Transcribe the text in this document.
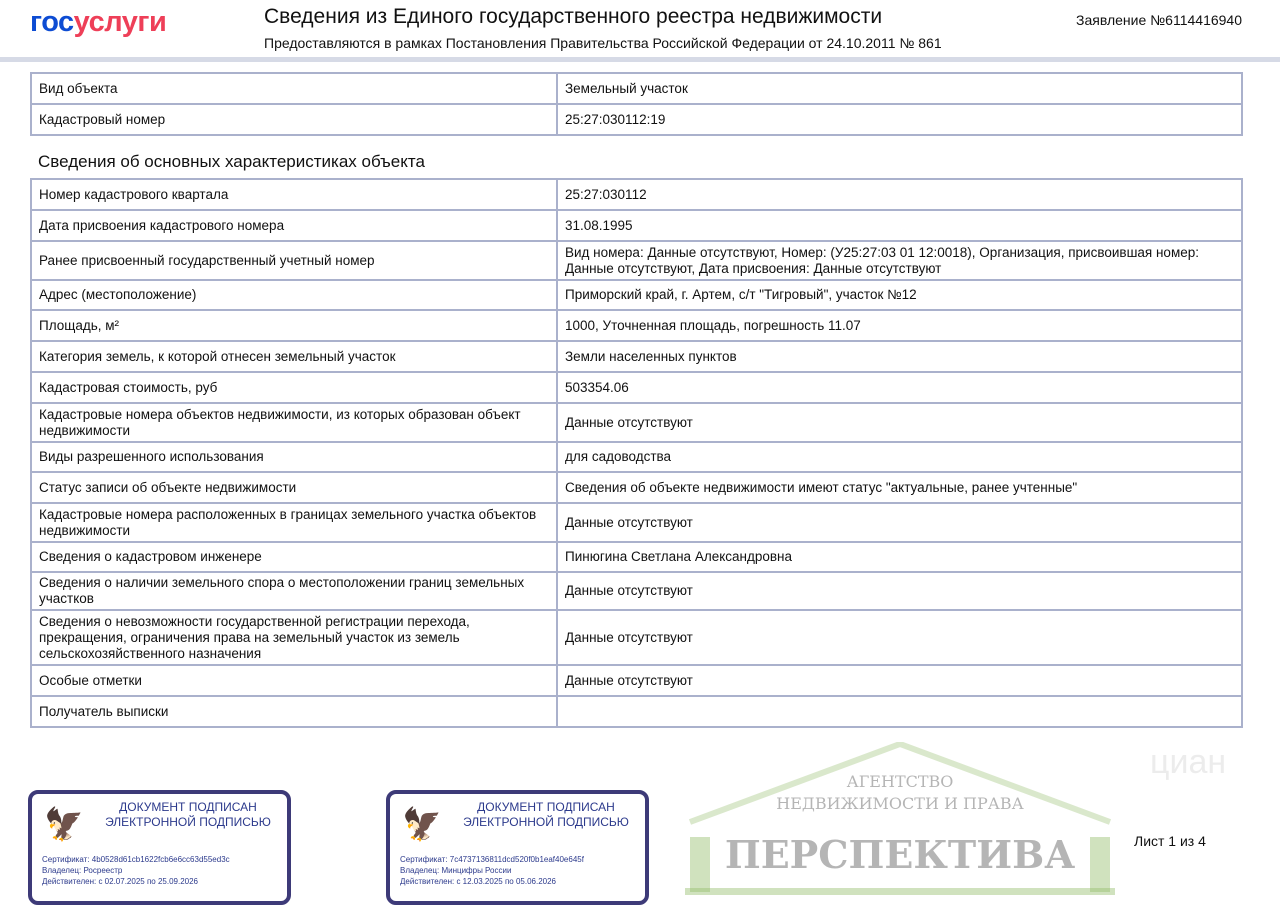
госуслуги	Сведения из Единого государственного реестра недвижимости
Предоставляются в рамках Постановления Правительства Российской Федерации от 24.10.2011 № 861
Заявление №6114416940
Вид объекта	Земельный участок
Кадастровый номер	25:27:030112:19
Сведения об основных характеристиках объекта
Номер кадастрового квартала	25:27:030112
Дата присвоения кадастрового номера	31.08.1995
Ранее присвоенный государственный учетный номер	Вид номера: Данные отсутствуют, Номер: (У25:27:03 01 12:0018), Организация, присвоившая номер: Данные отсутствуют, Дата присвоения: Данные отсутствуют
Адрес (местоположение)	Приморский край, г. Артем, с/т "Тигровый", участок №12
Площадь, м²	1000, Уточненная площадь, погрешность 11.07
Категория земель, к которой отнесен земельный участок	Земли населенных пунктов
Кадастровая стоимость, руб	503354.06
Кадастровые номера объектов недвижимости, из которых образован объект недвижимости	Данные отсутствуют
Виды разрешенного использования	для садоводства
Статус записи об объекте недвижимости	Сведения об объекте недвижимости имеют статус "актуальные, ранее учтенные"
Кадастровые номера расположенных в границах земельного участка объектов недвижимости	Данные отсутствуют
Сведения о кадастровом инженере	Пинюгина Светлана Александровна
Сведения о наличии земельного спора о местоположении границ земельных участков	Данные отсутствуют
Сведения о невозможности государственной регистрации перехода, прекращения, ограничения права на земельный участок из земель сельскохозяйственного назначения	Данные отсутствуют
Особые отметки	Данные отсутствуют
Получатель выписки	
АГЕНТСТВО
НЕДВИЖИМОСТИ И ПРАВА
ПЕРСПЕКТИВА
циан
🦅	ДОКУМЕНТ ПОДПИСАН ЭЛЕКТРОННОЙ ПОДПИСЬЮ
Сертификат: 4b0528d61cb1622fcb6e6cc63d55ed3c
Владелец: Росреестр
Действителен: с 02.07.2025 по 25.09.2026
🦅	ДОКУМЕНТ ПОДПИСАН ЭЛЕКТРОННОЙ ПОДПИСЬЮ
Сертификат: 7c4737136811dcd520f0b1eaf40e645f
Владелец: Минцифры России
Действителен: с 12.03.2025 по 05.06.2026
Лист 1 из 4
